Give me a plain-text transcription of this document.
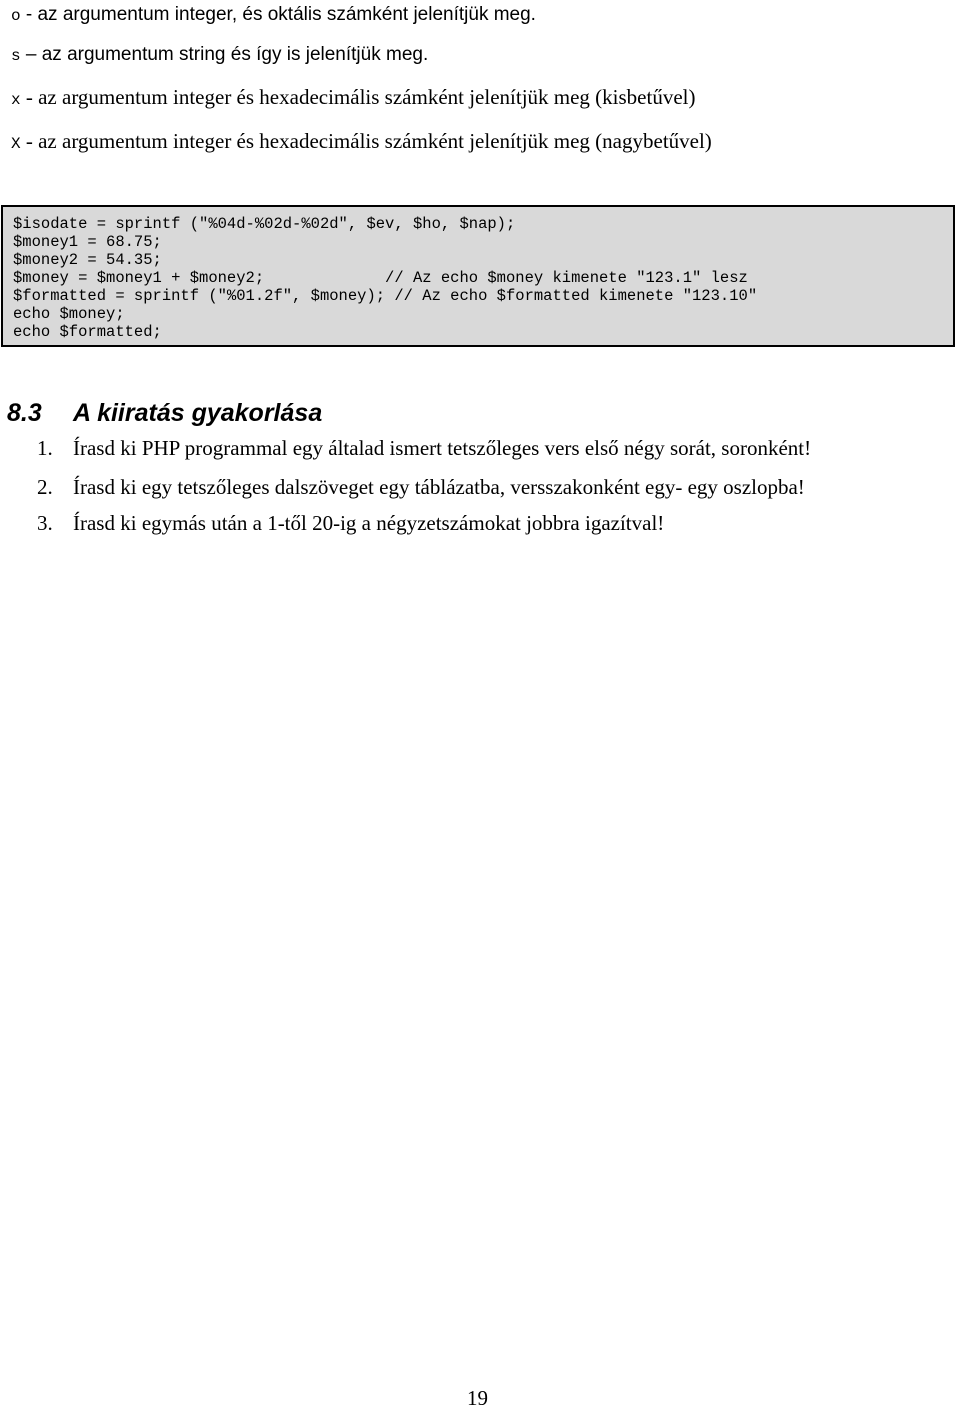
o - az argumentum integer, és oktális számként jelenítjük meg.
s – az argumentum string és így is jelenítjük meg.
x - az argumentum integer és hexadecimális számként jelenítjük meg (kisbetűvel)
X - az argumentum integer és hexadecimális számként jelenítjük meg (nagybetűvel)
$isodate = sprintf ("%04d-%02d-%02d", $ev, $ho, $nap);
$money1 = 68.75;
$money2 = 54.35;
$money = $money1 + $money2;             // Az echo $money kimenete "123.1" lesz
$formatted = sprintf ("%01.2f", $money); // Az echo $formatted kimenete "123.10"
echo $money;
echo $formatted;
8.3 A kiiratás gyakorlása
1. Írasd ki PHP programmal egy általad ismert tetszőleges vers első négy sorát, soronként!
2. Írasd ki egy tetszőleges dalszöveget egy táblázatba, versszakonként egy- egy oszlopba!
3. Írasd ki egymás után a 1-től 20-ig a négyzetszámokat jobbra igazítval!
19
